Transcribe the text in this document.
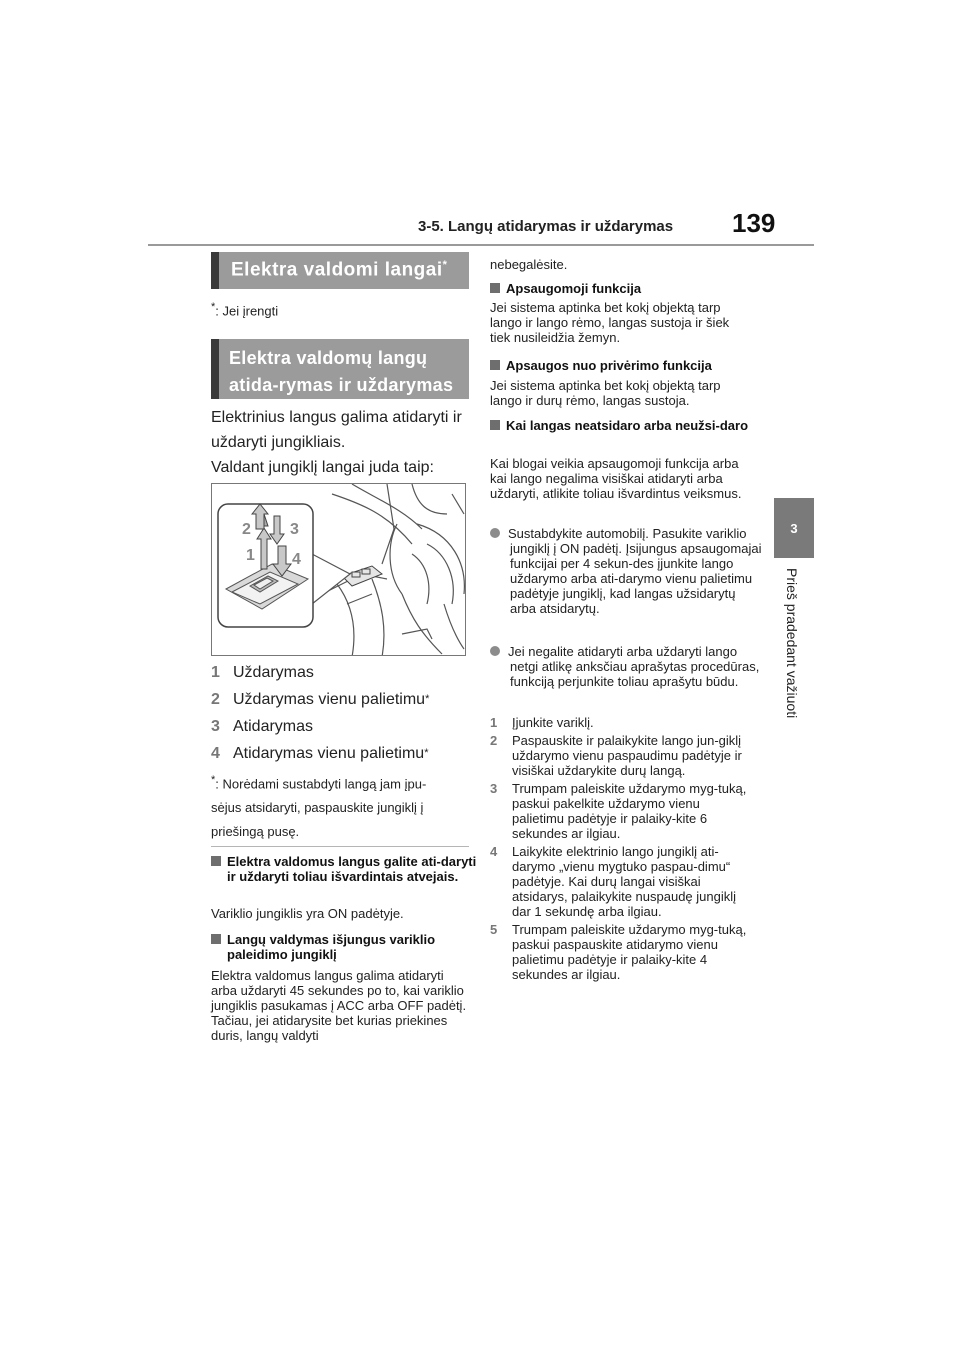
3-5. Langų atidarymas ir uždarymas 139
3
Prieš pradedant važiuoti
Elektra valdomi langai*
*: Jei įrengti
Elektra valdomų langų atida-rymas ir uždarymas
Elektrinius langus galima atidaryti ir uždaryti jungikliais.
Valdant jungiklį langai juda taip:
2
1
3
4
1 Uždarymas
2 Uždarymas vienu palietimu *
3 Atidarymas
4 Atidarymas vienu palietimu *
*: Norėdami sustabdyti langą jam įpu-sėjus atsidaryti, paspauskite jungiklį į priešingą pusę.
Elektra valdomus langus galite ati-daryti ir uždaryti toliau išvardintais atvejais.
Variklio jungiklis yra ON padėtyje.
Langų valdymas išjungus variklio paleidimo jungiklį
Elektra valdomus langus galima atidaryti arba uždaryti 45 sekundes po to, kai variklio jungiklis pasukamas į ACC arba OFF padėtį. Tačiau, jei atidarysite bet kurias priekines duris, langų valdyti
nebegalėsite.
Apsaugomoji funkcija
Jei sistema aptinka bet kokį objektą tarp lango ir lango rėmo, langas sustoja ir šiek tiek nusileidžia žemyn.
Apsaugos nuo privėrimo funkcija
Jei sistema aptinka bet kokį objektą tarp lango ir durų rėmo, langas sustoja.
Kai langas neatsidaro arba neužsi-daro
Kai blogai veikia apsaugomoji funkcija arba kai lango negalima visiškai atidaryti arba uždaryti, atlikite toliau išvardintus veiksmus.
Sustabdykite automobilį. Pasukite variklio jungiklį į ON padėtį. Įsijungus apsaugomajai funkcijai per 4 sekun-des įjunkite lango uždarymo arba ati-darymo vienu palietimu padėtyje jungiklį, kad langas užsidarytų arba atsidarytų.
Jei negalite atidaryti arba uždaryti lango netgi atlikę anksčiau aprašytas procedūras, funkciją perjunkite toliau aprašytu būdu.
1	Įjunkite variklį.
2	Paspauskite ir palaikykite lango jun-giklį uždarymo vienu paspaudimu padėtyje ir visiškai uždarykite durų langą.
3	Trumpam paleiskite uždarymo myg-tuką, paskui pakelkite uždarymo vienu palietimu padėtyje ir palaiky-kite 6 sekundes ar ilgiau.
4	Laikykite elektrinio lango jungiklį ati-darymo „vienu mygtuko paspau-dimu“ padėtyje. Kai durų langai visiškai atsidarys, palaikykite nuspaudę jungiklį dar 1 sekundę arba ilgiau.
5	Trumpam paleiskite uždarymo myg-tuką, paskui paspauskite atidarymo vienu palietimu padėtyje ir palaiky-kite 4 sekundes ar ilgiau.
